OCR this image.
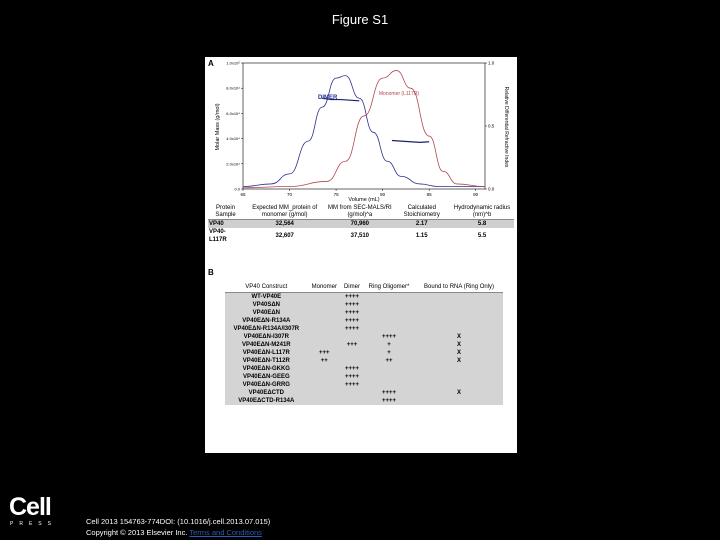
Figure S1
A
65	70	75	80	85	90
0.0
2.0x10⁴
4.0x10⁴
6.0x10⁴
8.0x10⁴
1.0x10⁵
0.0
0.5
1.0
Molar Mass (g/mol)	Relative Differential Refractive Index
Volume (mL)
DIMER
Monomer (L117R)
Protein Sample	Expected MM_protein of monomer (g/mol)	MM from SEC-MALS/RI (g/mol)^a	Calculated Stoichiometry	Hydrodynamic radius (nm)^b
VP40	32,564	70,960	2.17	5.8
VP40-L117R	32,607	37,510	1.15	5.5
B
VP40 Construct	Monomer	Dimer	Ring Oligomer*	Bound to RNA (Ring Only)
WT-VP40E		++++		
VP40SΔN		++++		
VP40EΔN		++++		
VP40EΔN-R134A		++++		
VP40EΔN-R134A/I307R		++++		
VP40EΔN-I307R			++++	X
VP40EΔN-M241R		+++	+	X
VP40EΔN-L117R	+++		+	X
VP40EΔN-T112R	++		++	X
VP40EΔN-GKKG		++++		
VP40EΔN-GEEG		++++		
VP40EΔN-GRRG		++++		
VP40EΔCTD			++++	X
VP40EΔCTD-R134A			++++	
Cell
PRESS	Cell 2013 154763-774DOI: (10.1016/j.cell.2013.07.015)
Copyright © 2013 Elsevier Inc. Terms and Conditions
